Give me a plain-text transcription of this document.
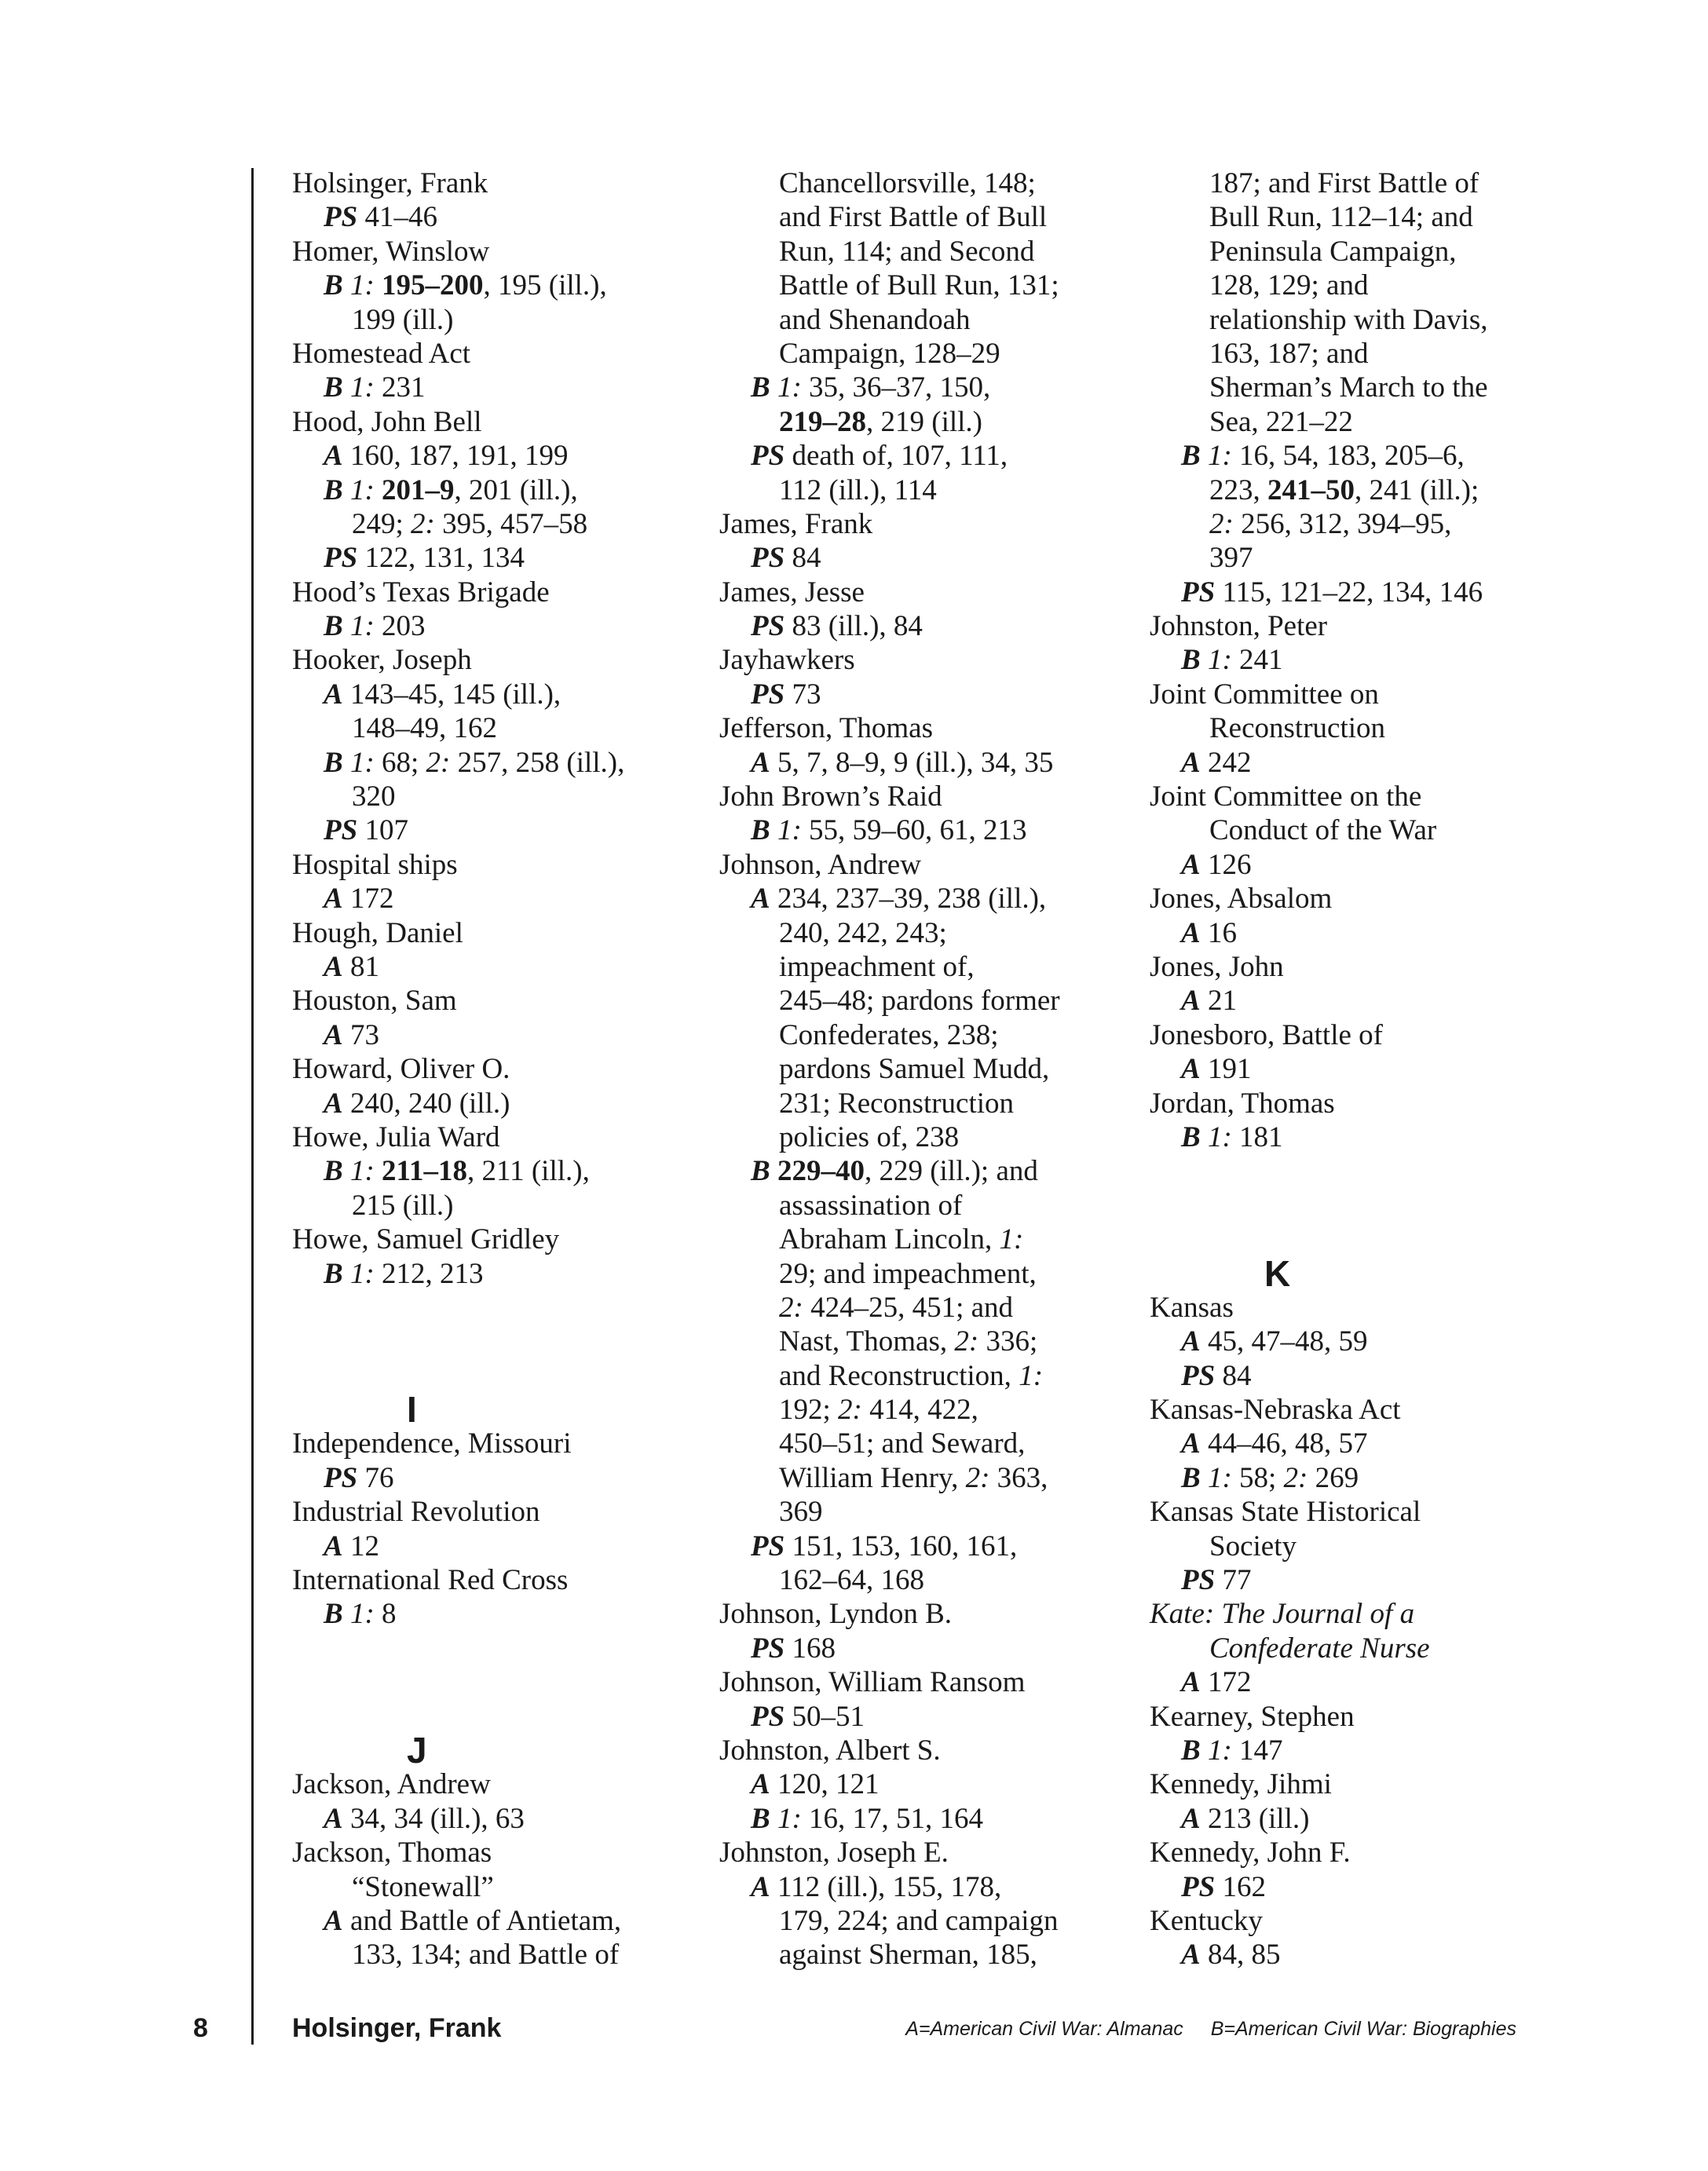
Holsinger, Frank
PS 41–46
Homer, Winslow
B 1: 195–200, 195 (ill.),
199 (ill.)
Homestead Act
B 1: 231
Hood, John Bell
A 160, 187, 191, 199
B 1: 201–9, 201 (ill.),
249; 2: 395, 457–58
PS 122, 131, 134
Hood’s Texas Brigade
B 1: 203
Hooker, Joseph
A 143–45, 145 (ill.),
148–49, 162
B 1: 68; 2: 257, 258 (ill.),
320
PS 107
Hospital ships
A 172
Hough, Daniel
A 81
Houston, Sam
A 73
Howard, Oliver O.
A 240, 240 (ill.)
Howe, Julia Ward
B 1: 211–18, 211 (ill.),
215 (ill.)
Howe, Samuel Gridley
B 1: 212, 213
I
Independence, Missouri
PS 76
Industrial Revolution
A 12
International Red Cross
B 1: 8
J
Jackson, Andrew
A 34, 34 (ill.), 63
Jackson, Thomas
“Stonewall”
A and Battle of Antietam,
133, 134; and Battle of
Chancellorsville, 148;
and First Battle of Bull
Run, 114; and Second
Battle of Bull Run, 131;
and Shenandoah
Campaign, 128–29
B 1: 35, 36–37, 150,
219–28, 219 (ill.)
PS death of, 107, 111,
112 (ill.), 114
James, Frank
PS 84
James, Jesse
PS 83 (ill.), 84
Jayhawkers
PS 73
Jefferson, Thomas
A 5, 7, 8–9, 9 (ill.), 34, 35
John Brown’s Raid
B 1: 55, 59–60, 61, 213
Johnson, Andrew
A 234, 237–39, 238 (ill.),
240, 242, 243;
impeachment of,
245–48; pardons former
Confederates, 238;
pardons Samuel Mudd,
231; Reconstruction
policies of, 238
B 229–40, 229 (ill.); and
assassination of
Abraham Lincoln, 1:
29; and impeachment,
2: 424–25, 451; and
Nast, Thomas, 2: 336;
and Reconstruction, 1:
192; 2: 414, 422,
450–51; and Seward,
William Henry, 2: 363,
369
PS 151, 153, 160, 161,
162–64, 168
Johnson, Lyndon B.
PS 168
Johnson, William Ransom
PS 50–51
Johnston, Albert S.
A 120, 121
B 1: 16, 17, 51, 164
Johnston, Joseph E.
A 112 (ill.), 155, 178,
179, 224; and campaign
against Sherman, 185,
187; and First Battle of
Bull Run, 112–14; and
Peninsula Campaign,
128, 129; and
relationship with Davis,
163, 187; and
Sherman’s March to the
Sea, 221–22
B 1: 16, 54, 183, 205–6,
223, 241–50, 241 (ill.);
2: 256, 312, 394–95,
397
PS 115, 121–22, 134, 146
Johnston, Peter
B 1: 241
Joint Committee on
Reconstruction
A 242
Joint Committee on the
Conduct of the War
A 126
Jones, Absalom
A 16
Jones, John
A 21
Jonesboro, Battle of
A 191
Jordan, Thomas
B 1: 181
K
Kansas
A 45, 47–48, 59
PS 84
Kansas-Nebraska Act
A 44–46, 48, 57
B 1: 58; 2: 269
Kansas State Historical
Society
PS 77
Kate: The Journal of a
Confederate Nurse
A 172
Kearney, Stephen
B 1: 147
Kennedy, Jihmi
A 213 (ill.)
Kennedy, John F.
PS 162
Kentucky
A 84, 85
8	Holsinger, Frank	A=American Civil War: Almanac B=American Civil War: Biographies
